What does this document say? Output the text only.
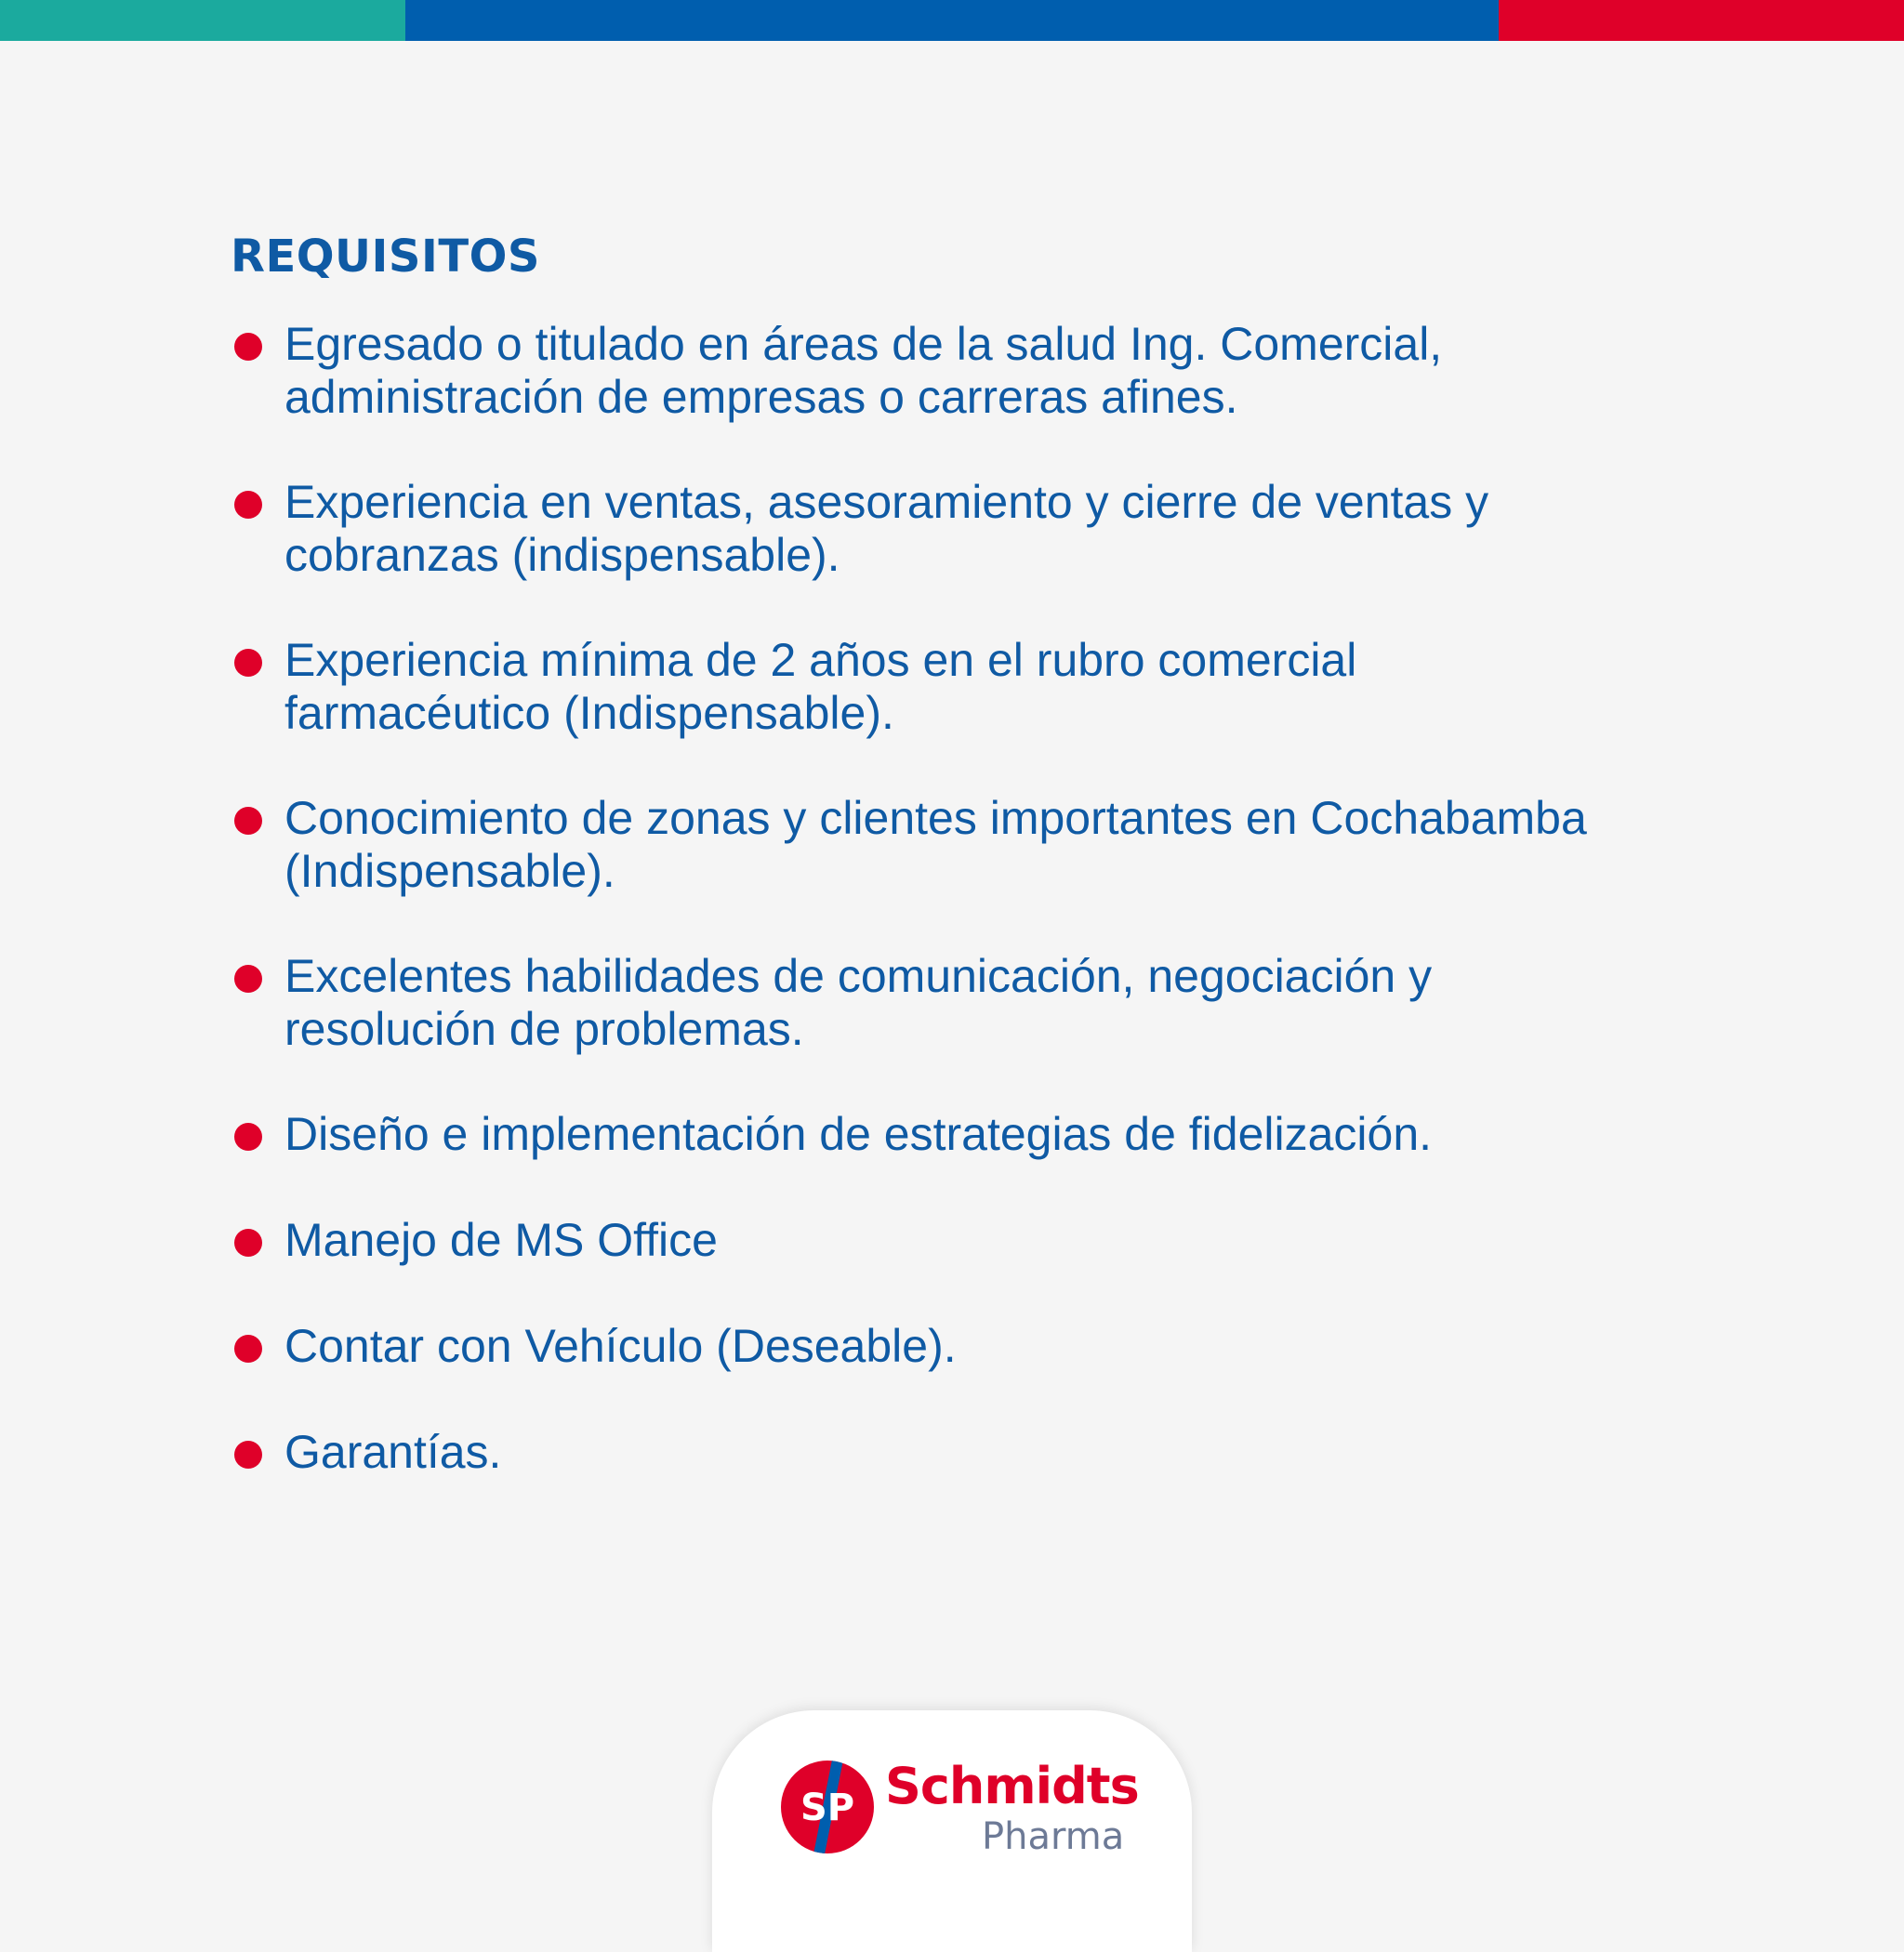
REQUISITOS
Egresado o titulado en áreas de la salud Ing. Comercial,
administración de empresas o carreras afines.
Experiencia en ventas, asesoramiento y cierre de ventas y
cobranzas (indispensable).
Experiencia mínima de 2 años en el rubro comercial
farmacéutico (Indispensable).
Conocimiento de zonas y clientes importantes en Cochabamba
(Indispensable).
Excelentes habilidades de comunicación, negociación y
resolución de problemas.
Diseño e implementación de estrategias de fidelización.
Manejo de MS Office
Contar con Vehículo (Deseable).
Garantías.
SP Schmidts
Pharma
